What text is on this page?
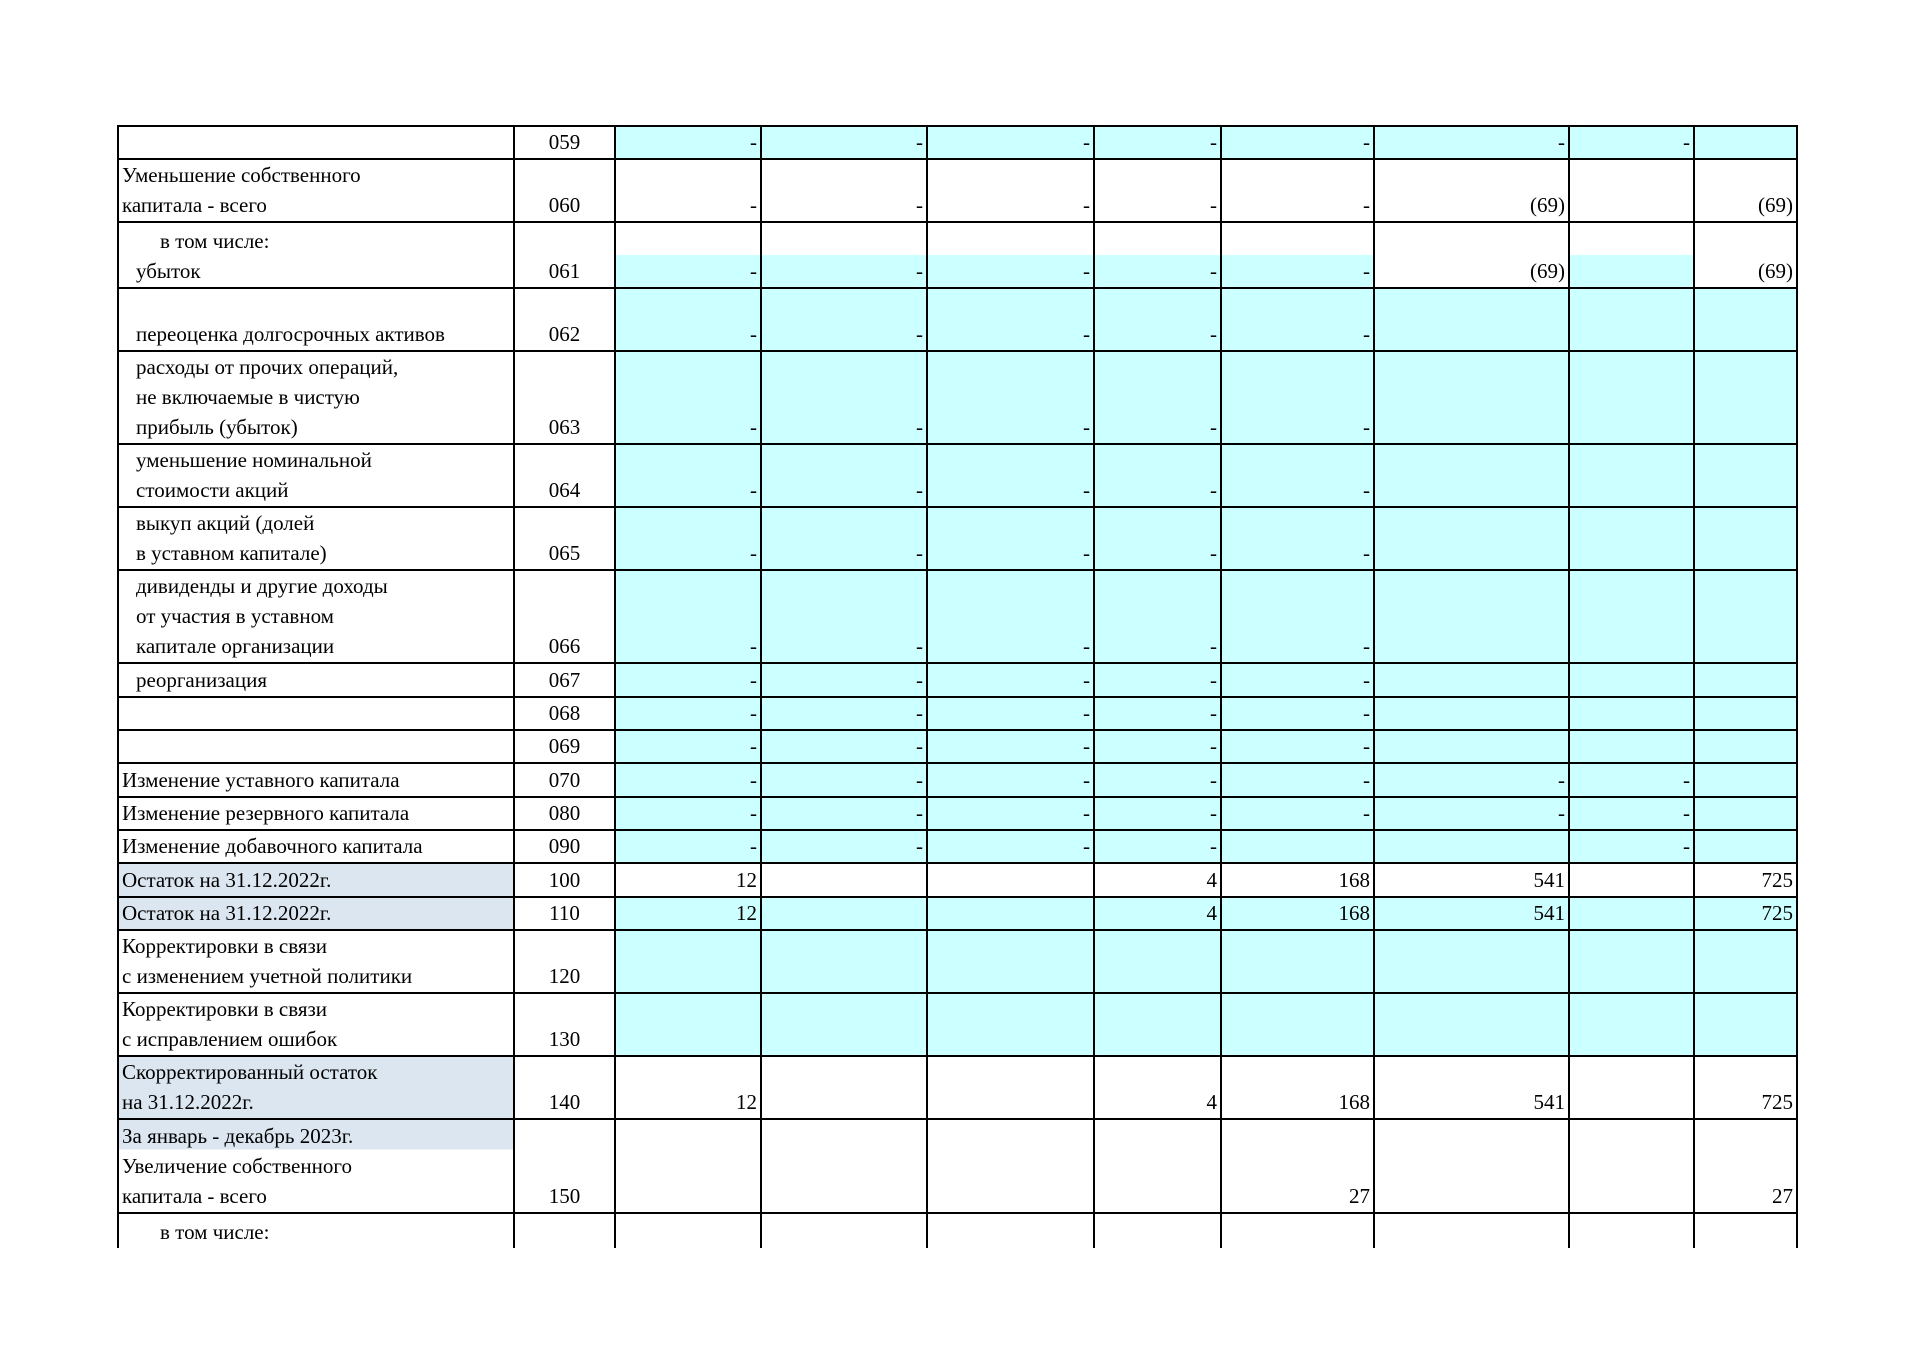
	059	-	-	-	-	-	-	-	

Уменьшение собственного
капитала - всего	060	-	-	-	-	-	(69)		(69)

в том числе:
убыток	061	-	-	-	-	-	(69)		(69)

переоценка долгосрочных активов	062	-	-	-	-	-			

расходы от прочих операций,
не включаемые в чистую
прибыль (убыток)	063	-	-	-	-	-			

уменьшение номинальной
стоимости акций	064	-	-	-	-	-			

выкуп акций (долей
в уставном капитале)	065	-	-	-	-	-			

дивиденды и другие доходы
от участия в уставном
капитале организации	066	-	-	-	-	-			

реорганизация	067	-	-	-	-	-			

	068	-	-	-	-	-			

	069	-	-	-	-	-			

Изменение уставного капитала	070	-	-	-	-	-	-	-	

Изменение резервного капитала	080	-	-	-	-	-	-	-	

Изменение добавочного капитала	090	-	-	-	-			-	

Остаток на 31.12.2022г.	100	12			4	168	541		725

Остаток на 31.12.2022г.	110	12			4	168	541		725

Корректировки в связи
с изменением учетной политики	120								

Корректировки в связи
с исправлением ошибок	130								

Скорректированный остаток
на 31.12.2022г.	140	12			4	168	541		725

За январь - декабрь 2023г.
Увеличение собственного
капитала - всего	150					27			27

в том числе:									
